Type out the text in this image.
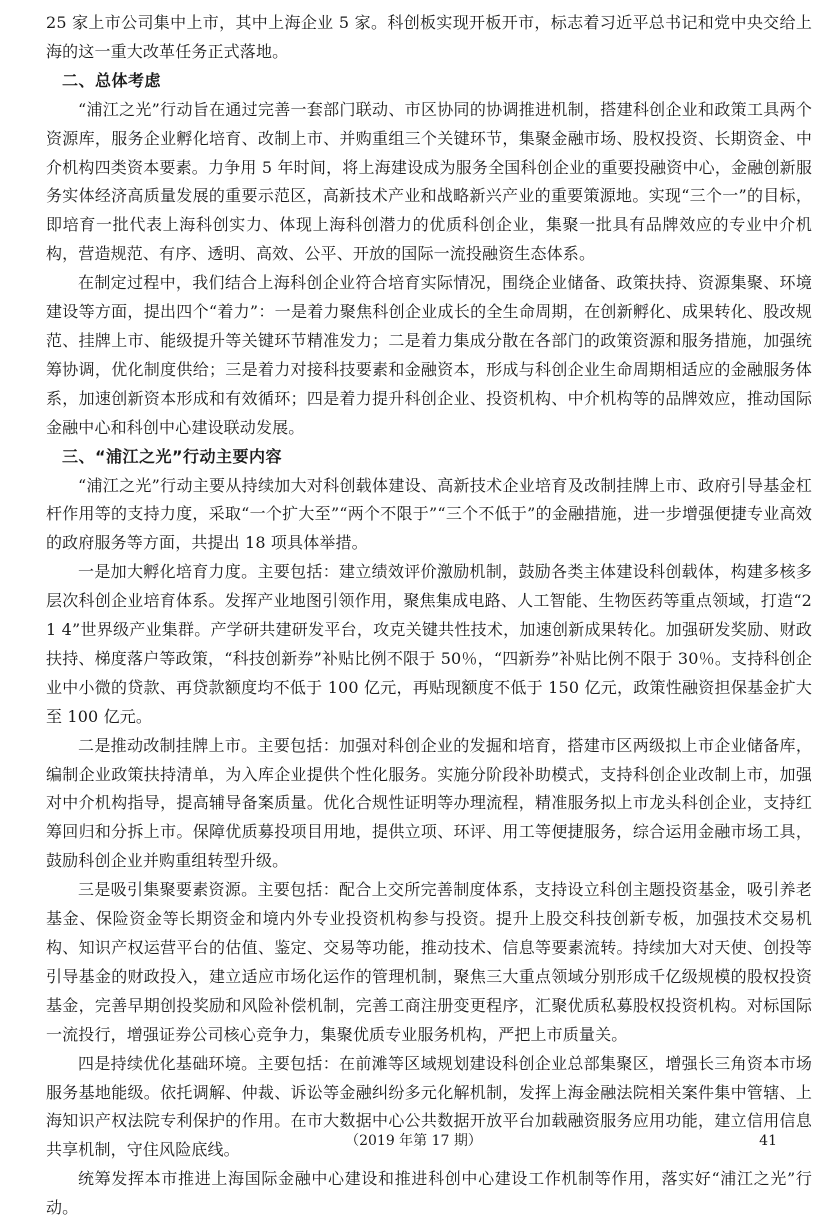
25 家上市公司集中上市，其中上海企业 5 家。科创板实现开板开市，标志着习近平总书记和党中央交给上海的这一重大改革任务正式落地。

二、总体考虑

“浦江之光”行动旨在通过完善一套部门联动、市区协同的协调推进机制，搭建科创企业和政策工具两个资源库，服务企业孵化培育、改制上市、并购重组三个关键环节，集聚金融市场、股权投资、长期资金、中介机构四类资本要素。力争用 5 年时间，将上海建设成为服务全国科创企业的重要投融资中心，金融创新服务实体经济高质量发展的重要示范区，高新技术产业和战略新兴产业的重要策源地。实现“三个一”的目标，即培育一批代表上海科创实力、体现上海科创潜力的优质科创企业，集聚一批具有品牌效应的专业中介机构，营造规范、有序、透明、高效、公平、开放的国际一流投融资生态体系。

在制定过程中，我们结合上海科创企业符合培育实际情况，围绕企业储备、政策扶持、资源集聚、环境建设等方面，提出四个“着力”：一是着力聚焦科创企业成长的全生命周期，在创新孵化、成果转化、股改规范、挂牌上市、能级提升等关键环节精准发力；二是着力集成分散在各部门的政策资源和服务措施，加强统筹协调，优化制度供给；三是着力对接科技要素和金融资本，形成与科创企业生命周期相适应的金融服务体系，加速创新资本形成和有效循环；四是着力提升科创企业、投资机构、中介机构等的品牌效应，推动国际金融中心和科创中心建设联动发展。

三、“浦江之光”行动主要内容

“浦江之光”行动主要从持续加大对科创载体建设、高新技术企业培育及改制挂牌上市、政府引导基金杠杆作用等的支持力度，采取“一个扩大至”“两个不限于”“三个不低于”的金融措施，进一步增强便捷专业高效的政府服务等方面，共提出 18 项具体举措。

一是加大孵化培育力度。主要包括：建立绩效评价激励机制，鼓励各类主体建设科创载体，构建多核多层次科创企业培育体系。发挥产业地图引领作用，聚焦集成电路、人工智能、生物医药等重点领域，打造“2 1 4”世界级产业集群。产学研共建研发平台，攻克关键共性技术，加速创新成果转化。加强研发奖励、财政扶持、梯度落户等政策，“科技创新券”补贴比例不限于 50％，“四新券”补贴比例不限于 30％。支持科创企业中小微的贷款、再贷款额度均不低于 100 亿元，再贴现额度不低于 150 亿元，政策性融资担保基金扩大至 100 亿元。

二是推动改制挂牌上市。主要包括：加强对科创企业的发掘和培育，搭建市区两级拟上市企业储备库，编制企业政策扶持清单，为入库企业提供个性化服务。实施分阶段补助模式，支持科创企业改制上市，加强对中介机构指导，提高辅导备案质量。优化合规性证明等办理流程，精准服务拟上市龙头科创企业，支持红筹回归和分拆上市。保障优质募投项目用地，提供立项、环评、用工等便捷服务，综合运用金融市场工具，鼓励科创企业并购重组转型升级。

三是吸引集聚要素资源。主要包括：配合上交所完善制度体系，支持设立科创主题投资基金，吸引养老基金、保险资金等长期资金和境内外专业投资机构参与投资。提升上股交科技创新专板，加强技术交易机构、知识产权运营平台的估值、鉴定、交易等功能，推动技术、信息等要素流转。持续加大对天使、创投等引导基金的财政投入，建立适应市场化运作的管理机制，聚焦三大重点领域分别形成千亿级规模的股权投资基金，完善早期创投奖励和风险补偿机制，完善工商注册变更程序，汇聚优质私募股权投资机构。对标国际一流投行，增强证券公司核心竞争力，集聚优质专业服务机构，严把上市质量关。

四是持续优化基础环境。主要包括：在前滩等区域规划建设科创企业总部集聚区，增强长三角资本市场服务基地能级。依托调解、仲裁、诉讼等金融纠纷多元化解机制，发挥上海金融法院相关案件集中管辖、上海知识产权法院专利保护的作用。在市大数据中心公共数据开放平台加载融资服务应用功能，建立信用信息共享机制，守住风险底线。

统筹发挥本市推进上海国际金融中心建设和推进科创中心建设工作机制等作用，落实好“浦江之光”行动。

（2019 年第 17 期）	41
